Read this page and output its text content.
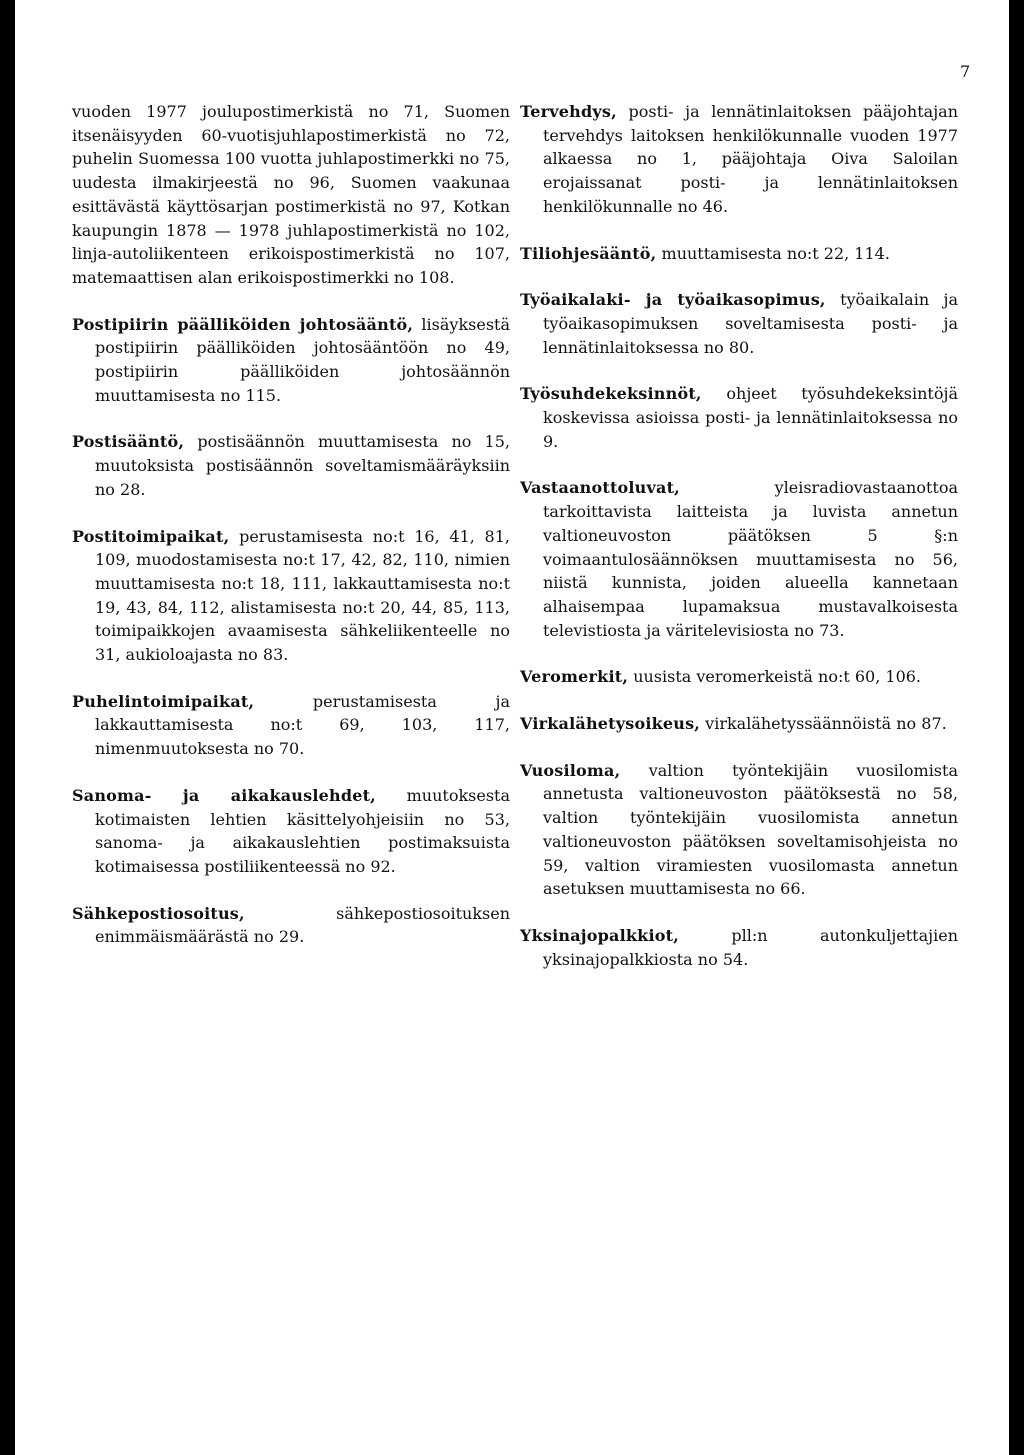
7

vuoden 1977 joulupostimerkistä no 71, Suomen itsenäisyyden 60-vuotisjuhlapostimerkistä no 72, puhelin Suomessa 100 vuotta juhlapostimerkki no 75, uudesta ilmakirjeestä no 96, Suomen vaakunaa esittävästä käyttösarjan postimerkistä no 97, Kotkan kaupungin 1878 — 1978 juhlapostimerkistä no 102, linja-autoliikenteen erikoispostimerkistä no 107, matemaattisen alan erikoispostimerkki no 108.

Postipiirin päälliköiden johtosääntö, lisäyksestä postipiirin päälliköiden johtosääntöön no 49, postipiirin päälliköiden johtosäännön muuttamisesta no 115.

Postisääntö, postisäännön muuttamisesta no 15, muutoksista postisäännön soveltamismääräyksiin no 28.

Postitoimipaikat, perustamisesta no:t 16, 41, 81, 109, muodostamisesta no:t 17, 42, 82, 110, nimien muuttamisesta no:t 18, 111, lakkauttamisesta no:t 19, 43, 84, 112, alistamisesta no:t 20, 44, 85, 113, toimipaikkojen avaamisesta sähkeliikenteelle no 31, aukioloajasta no 83.

Puhelintoimipaikat,	perustamisesta ja lakkauttamisesta no:t 69, 103, 117, nimenmuutoksesta no 70.

Sanoma- ja aikakauslehdet, muutoksesta kotimaisten lehtien käsittelyohjeisiin no 53, sanoma- ja aikakauslehtien postimaksuista kotimaisessa postiliikenteessä no 92.

Sähkepostiosoitus,	sähkepostiosoituksen enimmäismäärästä no 29.

Tervehdys, posti- ja lennätinlaitoksen pääjohtajan tervehdys laitoksen henkilökunnalle vuoden 1977 alkaessa no 1, pääjohtaja Oiva Saloilan erojaissanat posti- ja lennätinlaitoksen henkilökunnalle no 46.

Tiliohjesääntö, muuttamisesta no:t 22, 114.

Työaikalaki- ja työaikasopimus, työaikalain ja työaikasopimuksen soveltamisesta posti- ja lennätinlaitoksessa no 80.

Työsuhdekeksinnöt, ohjeet työsuhdekeksintöjä koskevissa asioissa posti- ja lennätinlaitoksessa no 9.

Vastaanottoluvat,	yleisradiovastaanottoa tarkoittavista laitteista ja luvista annetun valtioneuvoston päätöksen 5 §:n voimaantulosäännöksen muuttamisesta no 56, niistä kunnista, joiden alueella kannetaan alhaisempaa lupamaksua mustavalkoisesta televistiosta ja väritelevisiosta no 73.

Veromerkit, uusista veromerkeistä no:t 60, 106.

Virkalähetysoikeus, virkalähetyssäännöistä no 87.

Vuosiloma, valtion työntekijäin vuosilomista annetusta valtioneuvoston päätöksestä no 58, valtion työntekijäin vuosilomista annetun valtioneuvoston päätöksen soveltamisohjeista no 59, valtion viramiesten vuosilomasta annetun asetuksen muuttamisesta no 66.

Yksinajopalkkiot,	pll:n autonkuljettajien yksinajopalkkiosta no 54.
